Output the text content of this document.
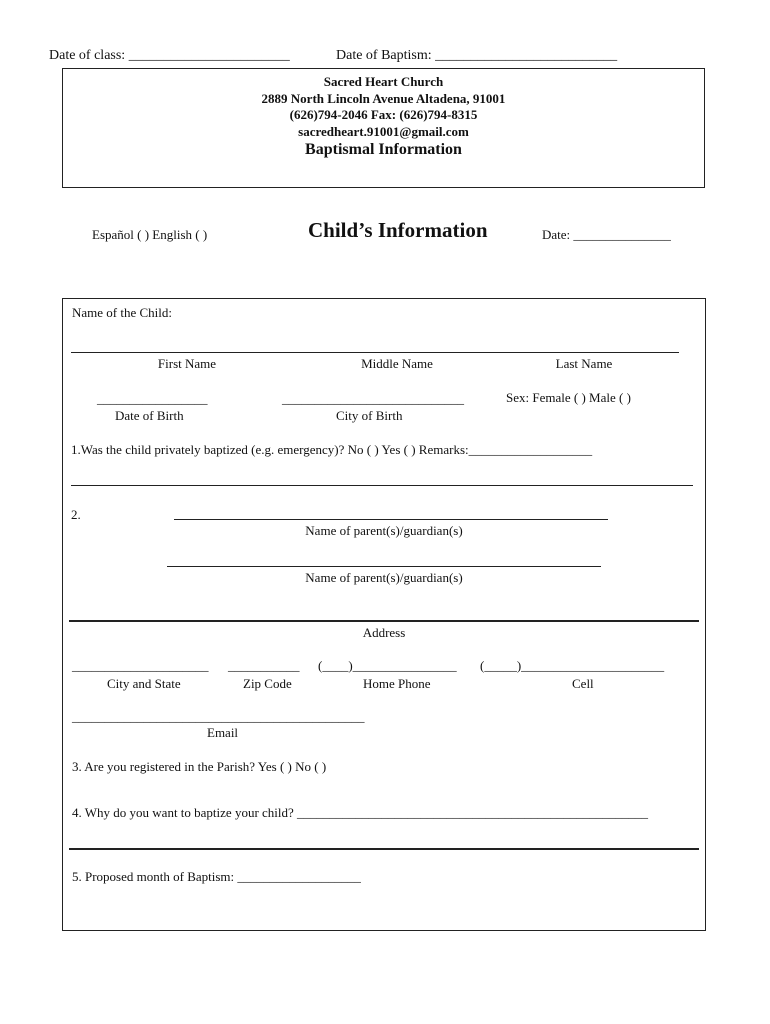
Date of class: _______________________	Date of Baptism: __________________________
Sacred Heart Church
2889 North Lincoln Avenue Altadena, 91001
(626)794-2046 Fax: (626)794-8315
sacredheart.91001@gmail.com
Baptismal Information
Español ( ) English ( )	Child’s Information	Date: _______________
Name of the Child:
First Name	Middle Name	Last Name
_________________	____________________________	Sex: Female ( ) Male ( )
Date of Birth	City of Birth
1.Was the child privately baptized (e.g. emergency)? No ( ) Yes ( ) Remarks:___________________
2.
Name of parent(s)/guardian(s)
Name of parent(s)/guardian(s)
Address
_____________________ ___________ (____)________________ (_____)______________________
City and State	Zip Code	Home Phone	Cell
_____________________________________________
Email
3. Are you registered in the Parish? Yes ( ) No ( )
4. Why do you want to baptize your child? ______________________________________________________
5. Proposed month of Baptism: ___________________
